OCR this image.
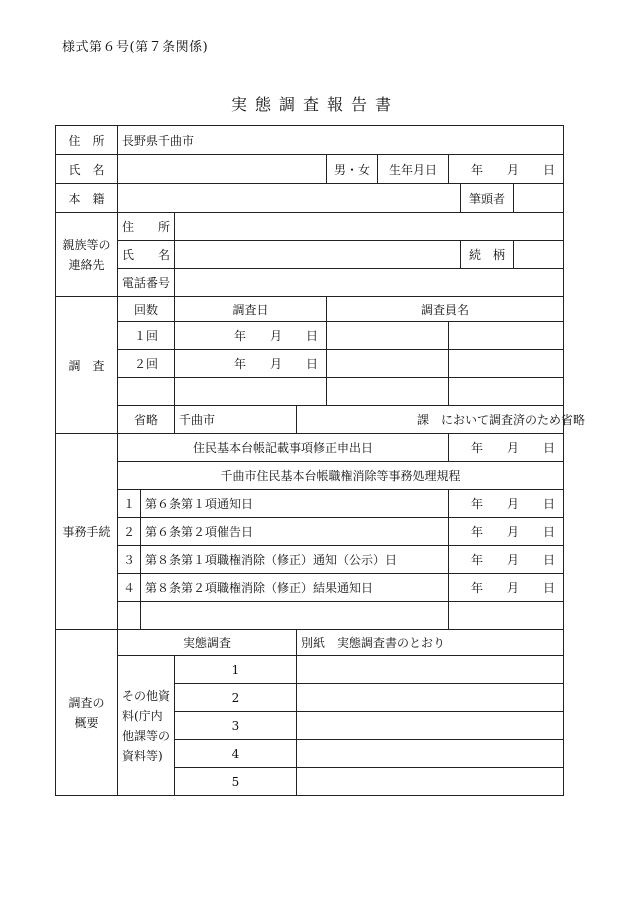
様式第６号(第７条関係)
実態調査報告書
住　所	長野県千曲市								
氏　名					男・女	生年月日	年　　月　　日		
本　籍								筆頭者	
親族等の連絡先	住　　所								
	氏　　名							続　柄	
	電話番号								
調　査	回数		調査日		調査員名				
	１回		年　　月　　日						
	２回		年　　月　　日						

	省略		千曲市	課　において調査済のため省略					
事務手続	住民基本台帳記載事項修正申出日						年　　月　　日		
	千曲市住民基本台帳職権消除等事務処理規程								
	１	第６条第１項通知日					年　　月　　日		
	２	第６条第２項催告日					年　　月　　日		
	３	第８条第１項職権消除（修正）通知（公示）日					年　　月　　日		
	４	第８条第２項職権消除（修正）結果通知日					年　　月　　日		

調査の概要	実態調査			別紙　実態調査書のとおり					
	その他資料(庁内他課等の資料等)		1						
			2						
			3						
			4						
			5						
